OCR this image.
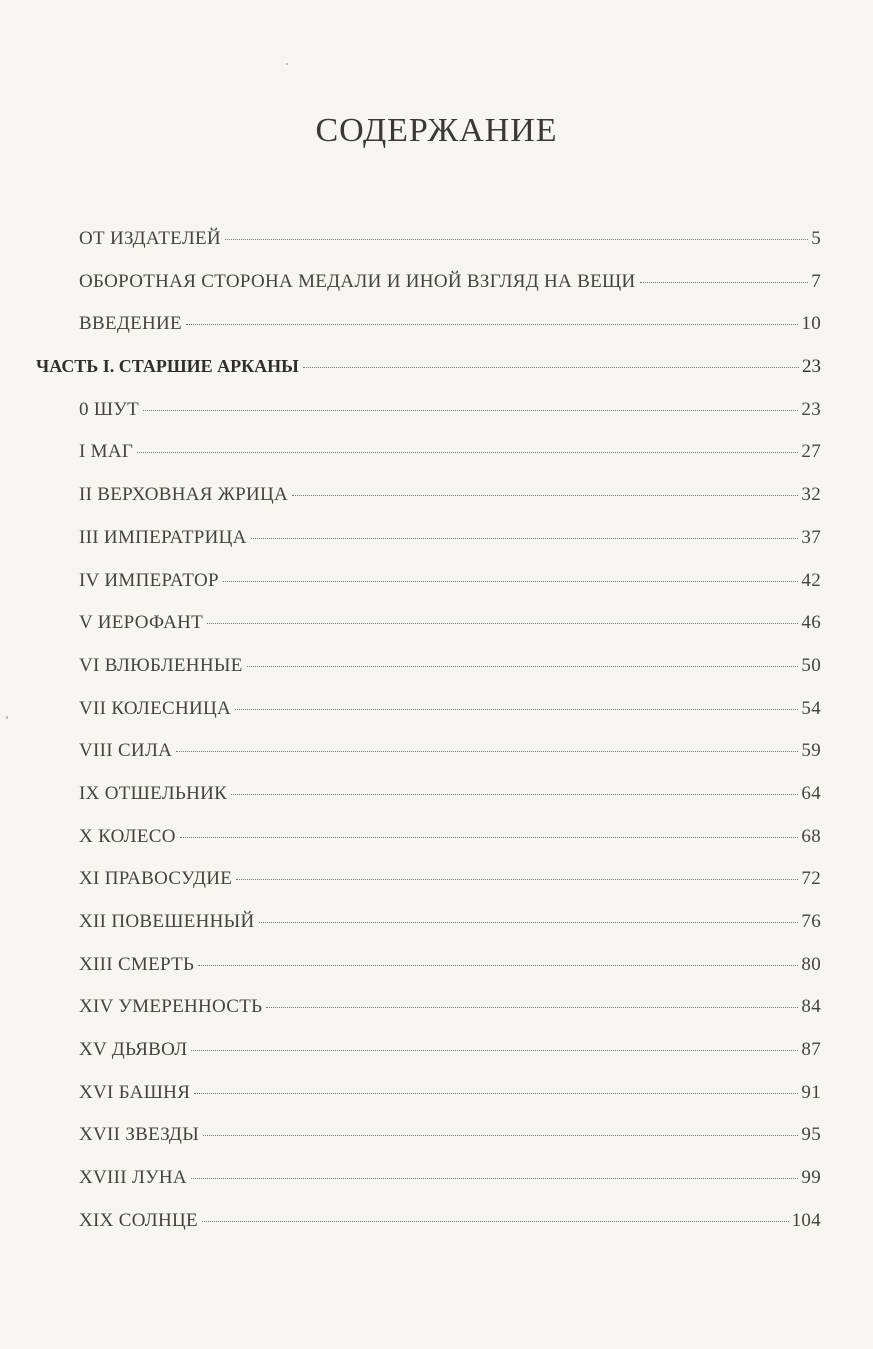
СОДЕРЖАНИЕ
ОТ ИЗДАТЕЛЕЙ	5
ОБОРОТНАЯ СТОРОНА МЕДАЛИ И ИНОЙ ВЗГЛЯД НА ВЕЩИ	7
ВВЕДЕНИЕ	10
ЧАСТЬ I. СТАРШИЕ АРКАНЫ	23
0 ШУТ	23
I МАГ	27
II ВЕРХОВНАЯ ЖРИЦА	32
III ИМПЕРАТРИЦА	37
IV ИМПЕРАТОР	42
V ИЕРОФАНТ	46
VI ВЛЮБЛЕННЫЕ	50
VII КОЛЕСНИЦА	54
VIII СИЛА	59
IX ОТШЕЛЬНИК	64
X КОЛЕСО	68
XI ПРАВОСУДИЕ	72
XII ПОВЕШЕННЫЙ	76
XIII СМЕРТЬ	80
XIV УМЕРЕННОСТЬ	84
XV ДЬЯВОЛ	87
XVI БАШНЯ	91
XVII ЗВЕЗДЫ	95
XVIII ЛУНА	99
XIX СОЛНЦЕ	104
